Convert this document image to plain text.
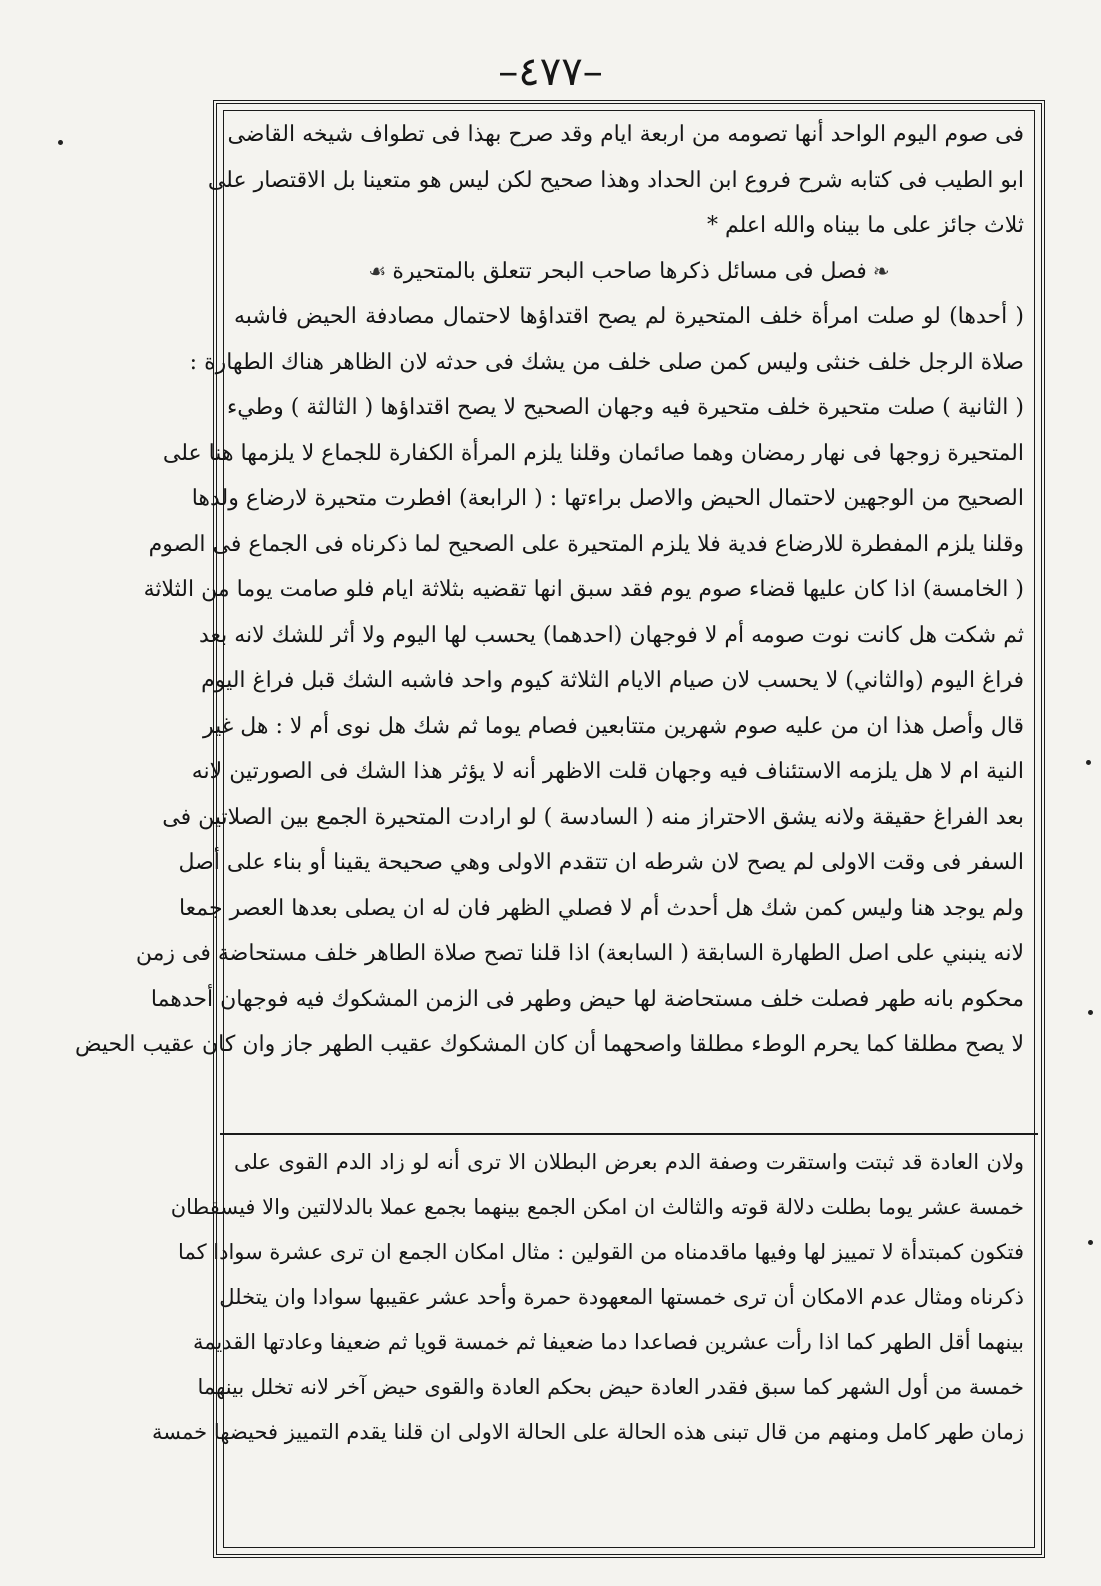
–٤٧٧–
فى صوم اليوم الواحد أنها تصومه من اربعة ايام وقد صرح بهذا فى تطواف شيخه القاضى
ابو الطيب فى كتابه شرح فروع ابن الحداد وهذا صحيح لكن ليس هو متعينا بل الاقتصار على
ثلاث جائز على ما بيناه والله اعلم *
❧فصل فى مسائل ذكرها صاحب البحر تتعلق بالمتحيرة☙
( أحدها) لو صلت امرأة خلف المتحيرة لم يصح اقتداؤها لاحتمال مصادفة الحيض فاشبه
صلاة الرجل خلف خنثى وليس كمن صلى خلف من يشك فى حدثه لان الظاهر هناك الطهارة :
( الثانية ) صلت متحيرة خلف متحيرة فيه وجهان الصحيح لا يصح اقتداؤها ( الثالثة ) وطيء
المتحيرة زوجها فى نهار رمضان وهما صائمان وقلنا يلزم المرأة الكفارة للجماع لا يلزمها هنا على
الصحيح من الوجهين لاحتمال الحيض والاصل براءتها : ( الرابعة) افطرت متحيرة لارضاع ولدها
وقلنا يلزم المفطرة للارضاع فدية فلا يلزم المتحيرة على الصحيح لما ذكرناه فى الجماع فى الصوم
( الخامسة) اذا كان عليها قضاء صوم يوم فقد سبق انها تقضيه بثلاثة ايام فلو صامت يوما من الثلاثة
ثم شكت هل كانت نوت صومه أم لا فوجهان (احدهما) يحسب لها اليوم ولا أثر للشك لانه بعد
فراغ اليوم (والثاني) لا يحسب لان صيام الايام الثلاثة كيوم واحد فاشبه الشك قبل فراغ اليوم
قال وأصل هذا ان من عليه صوم شهرين متتابعين فصام يوما ثم شك هل نوى أم لا : هل غير
النية ام لا هل يلزمه الاستئناف فيه وجهان قلت الاظهر أنه لا يؤثر هذا الشك فى الصورتين لانه
بعد الفراغ حقيقة ولانه يشق الاحتراز منه ( السادسة ) لو ارادت المتحيرة الجمع بين الصلاتين فى
السفر فى وقت الاولى لم يصح لان شرطه ان تتقدم الاولى وهي صحيحة يقينا أو بناء على أصل
ولم يوجد هنا وليس كمن شك هل أحدث أم لا فصلي الظهر فان له ان يصلى بعدها العصر جمعا
لانه ينبني على اصل الطهارة السابقة ( السابعة) اذا قلنا تصح صلاة الطاهر خلف مستحاضة فى زمن
محكوم بانه طهر فصلت خلف مستحاضة لها حيض وطهر فى الزمن المشكوك فيه فوجهان أحدهما
لا يصح مطلقا كما يحرم الوطء مطلقا واصحهما أن كان المشكوك عقيب الطهر جاز وان كان عقيب الحيض
ولان العادة قد ثبتت واستقرت وصفة الدم بعرض البطلان الا ترى أنه لو زاد الدم القوى على
خمسة عشر يوما بطلت دلالة قوته والثالث ان امكن الجمع بينهما بجمع عملا بالدلالتين والا فيسقطان
فتكون كمبتدأة لا تمييز لها وفيها ماقدمناه من القولين : مثال امكان الجمع ان ترى عشرة سوادا كما
ذكرناه ومثال عدم الامكان أن ترى خمستها المعهودة حمرة وأحد عشر عقيبها سوادا وان يتخلل
بينهما أقل الطهر كما اذا رأت عشرين فصاعدا دما ضعيفا ثم خمسة قويا ثم ضعيفا وعادتها القديمة
خمسة من أول الشهر كما سبق فقدر العادة حيض بحكم العادة والقوى حيض آخر لانه تخلل بينهما
زمان طهر كامل ومنهم من قال تبنى هذه الحالة على الحالة الاولى ان قلنا يقدم التمييز فحيضها خمسة
